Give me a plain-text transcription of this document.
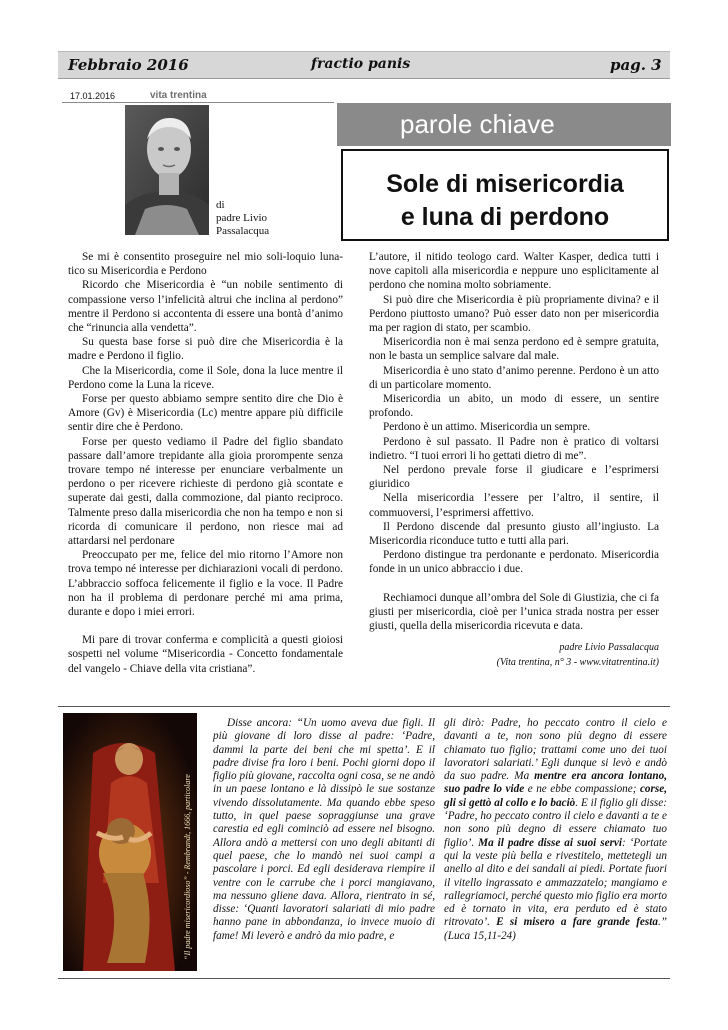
Febbraio 2016	fractio panis	pag. 3
17.01.2016	vita trentina
parole chiave
Sole di misericordia
e luna di perdono
di
padre Livio
Passalacqua

Se mi è consentito proseguire nel mio soli-loquio luna-tico su Misericordia e Perdono

Ricordo che Misericordia è “un nobile sentimento di compassione verso l’infelicità altrui che inclina al perdono” mentre il Perdono si accontenta di essere una bontà d’animo che “rinuncia alla vendetta”.

Su questa base forse si può dire che Misericordia è la madre e Perdono il figlio.

Che la Misericordia, come il Sole, dona la luce mentre il Perdono come la Luna la riceve.

Forse per questo abbiamo sempre sentito dire che Dio è Amore (Gv) è Misericordia (Lc) mentre appare più difficile sentir dire che è Perdono.

Forse per questo vediamo il Padre del figlio sbandato passare dall’amore trepidante alla gioia prorompente senza trovare tempo né interesse per enunciare verbalmente un perdono o per ricevere richieste di perdono già scontate e superate dai gesti, dalla commozione, dal pianto reciproco. Talmente preso dalla misericordia che non ha tempo e non si ricorda di comunicare il perdono, non riesce mai ad attardarsi nel perdonare

Preoccupato per me, felice del mio ritorno l’Amore non trova tempo né interesse per dichiarazioni vocali di perdono. L’abbraccio soffoca felicemente il figlio e la voce. Il Padre non ha il problema di perdonare perché mi ama prima, durante e dopo i miei errori.

Mi pare di trovar conferma e complicità a questi gioiosi sospetti nel volume “Misericordia - Concetto fondamentale del vangelo - Chiave della vita cristiana”.

L’autore, il nitido teologo card. Walter Kasper, dedica tutti i nove capitoli alla misericordia e neppure uno esplicitamente al perdono che nomina molto sobriamente.

Si può dire che Misericordia è più propriamente divina? e il Perdono piuttosto umano? Può esser dato non per misericordia ma per ragion di stato, per scambio.

Misericordia non è mai senza perdono ed è sempre gratuita, non le basta un semplice salvare dal male.

Misericordia è uno stato d’animo perenne. Perdono è un atto di un particolare momento.

Misericordia un abito, un modo di essere, un sentire profondo.

Perdono è un attimo. Misericordia un sempre.

Perdono è sul passato. Il Padre non è pratico di voltarsi indietro. “I tuoi errori li ho gettati dietro di me”.

Nel perdono prevale forse il giudicare e l’esprimersi giuridico

Nella misericordia l’essere per l’altro, il sentire, il commuoversi, l’esprimersi affettivo.

Il Perdono discende dal presunto giusto all’ingiusto. La Misericordia riconduce tutto e tutti alla pari.

Perdono distingue tra perdonante e perdonato. Misericordia fonde in un unico abbraccio i due.

Rechiamoci dunque all’ombra del Sole di Giustizia, che ci fa giusti per misericordia, cioè per l’unica strada nostra per esser giusti, quella della misericordia ricevuta e data.

padre Livio Passalacqua
(Vita trentina, n° 3 - www.vitatrentina.it)
“Il padre misericordioso” - Rembrandt, 1666, particolare

Disse ancora: “Un uomo aveva due figli. Il più giovane di loro disse al padre: ‘Padre, dammi la parte dei beni che mi spetta’. E il padre divise fra loro i beni. Pochi giorni dopo il figlio più giovane, raccolta ogni cosa, se ne andò in un paese lontano e là dissipò le sue sostanze vivendo dissolutamente. Ma quando ebbe speso tutto, in quel paese sopraggiunse una grave carestia ed egli cominciò ad essere nel bisogno. Allora andò a mettersi con uno degli abitanti di quel paese, che lo mandò nei suoi campi a pascolare i porci. Ed egli desiderava riempire il ventre con le carrube che i porci mangiavano, ma nessuno gliene dava. Allora, rientrato in sé, disse: ‘Quanti lavoratori salariati di mio padre hanno pane in abbondanza, io invece muoio di fame! Mi leverò e andrò da mio padre, e

gli dirò: Padre, ho peccato contro il cielo e davanti a te, non sono più degno di essere chiamato tuo figlio; trattami come uno dei tuoi lavoratori salariati.’ Egli dunque si levò e andò da suo padre. Ma mentre era ancora lontano, suo padre lo vide e ne ebbe compassione; corse, gli si gettò al collo e lo baciò. E il figlio gli disse: ‘Padre, ho peccato contro il cielo e davanti a te e non sono più degno di essere chiamato tuo figlio’. Ma il padre disse ai suoi servi: ‘Portate qui la veste più bella e rivestitelo, mettetegli un anello al dito e dei sandali ai piedi. Portate fuori il vitello ingrassato e ammazzatelo; mangiamo e rallegriamoci, perché questo mio figlio era morto ed è tornato in vita, era perduto ed è stato ritrovato’. E si misero a fare grande festa.” (Luca 15,11-24)
